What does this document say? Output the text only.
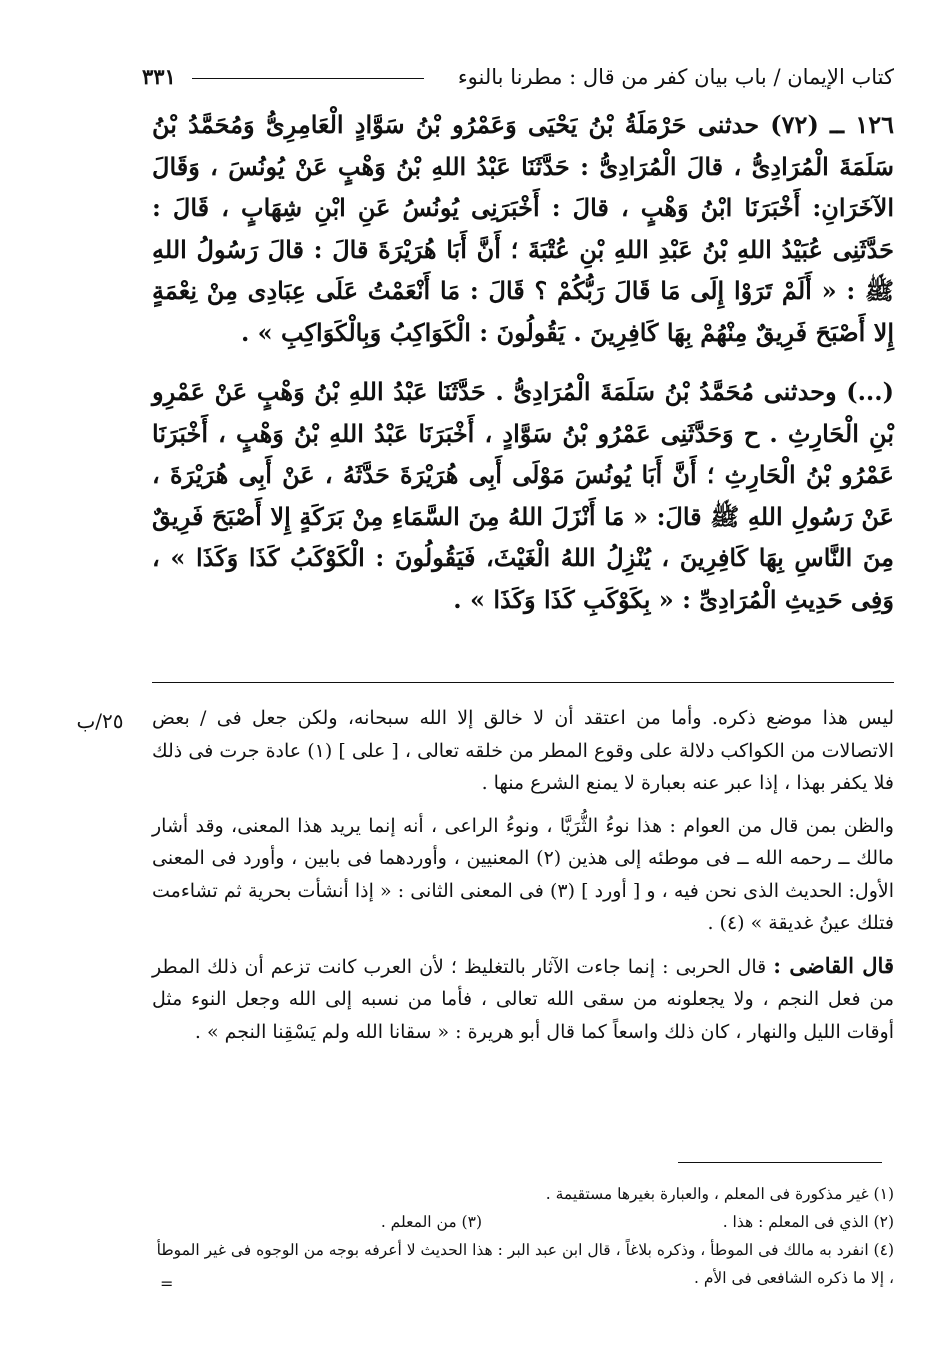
كتاب الإيمان / باب بيان كفر من قال : مطرنا بالنوء
٣٣١

١٢٦ ــ (٧٢) حدثنى حَرْمَلَةُ بْنُ يَحْيَى وَعَمْرُو بْنُ سَوَّادٍ الْعَامِرِىُّ وَمُحَمَّدُ بْنُ سَلَمَةَ الْمُرَادِىُّ ، قالَ الْمُرَادِىُّ : حَدَّثَنَا عَبْدُ اللهِ بْنُ وَهْبٍ عَنْ يُونُسَ ، وَقَالَ الآخَرَانِ: أَخْبَرَنَا ابْنُ وَهْبٍ ، قالَ : أَخْبَرَنِى يُونُسُ عَنِ ابْنِ شِهَابٍ ، قَالَ : حَدَّثَنِى عُبَيْدُ اللهِ بْنُ عَبْدِ اللهِ بْنِ عُتْبَةَ ؛ أَنَّ أَبَا هُرَيْرَةَ قالَ : قالَ رَسُولُ اللهِ ﷺ : « أَلَمْ تَرَوْا إِلَى مَا قَالَ رَبُّكُمْ ؟ قَالَ : مَا أَنْعَمْتُ عَلَى عِبَادِى مِنْ نِعْمَةٍ إِلا أَصْبَحَ فَرِيقٌ مِنْهُمْ بِهَا كَافِرِينَ . يَقُولُونَ : الْكَوَاكِبُ وَبِالْكَوَاكِبِ » .

(...) وحدثنى مُحَمَّدُ بْنُ سَلَمَةَ الْمُرَادِىُّ . حَدَّثَنَا عَبْدُ اللهِ بْنُ وَهْبٍ عَنْ عَمْرِو بْنِ الْحَارِثِ . ح وَحَدَّثَنِى عَمْرُو بْنُ سَوَّادٍ ، أَخْبَرَنَا عَبْدُ اللهِ بْنُ وَهْبٍ ، أَخْبَرَنَا عَمْرُو بْنُ الْحَارِثِ ؛ أَنَّ أَبَا يُونُسَ مَوْلَى أَبِى هُرَيْرَةَ حَدَّثَهُ ، عَنْ أَبِى هُرَيْرَةَ ، عَنْ رَسُولِ اللهِ ﷺ قالَ: « مَا أَنْزَلَ اللهُ مِنَ السَّمَاءِ مِنْ بَرَكَةٍ إِلا أَصْبَحَ فَرِيقٌ مِنَ النَّاسِ بِهَا كَافِرِينَ ، يُنْزِلُ اللهُ الْغَيْثَ، فَيَقُولُونَ : الْكَوْكَبُ كَذَا وَكَذَا » ، وَفِى حَدِيثِ الْمُرَادِىِّ : « بِكَوْكَبِ كَذَا وَكَذَا » .

٢٥/ب	ليس هذا موضع ذكره. وأما من اعتقد أن لا خالق إلا الله سبحانه، ولكن جعل فى / بعض الاتصالات من الكواكب دلالة على وقوع المطر من خلقه تعالى ، [ على ] (١) عادة جرت فى ذلك فلا يكفر بهذا ، إذا عبر عنه بعبارة لا يمنع الشرع منها .

والظن بمن قال من العوام : هذا نوءُ الثُّرَيَّا ، ونوءُ الراعى ، أنه إنما يريد هذا المعنى، وقد أشار مالك ــ رحمه الله ــ فى موطئه إلى هذين (٢) المعنيين ، وأوردهما فى بابين ، وأورد فى المعنى الأول: الحديث الذى نحن فيه ، و [ أورد ] (٣) فى المعنى الثانى : « إذا أنشأت بحرية ثم تشاءمت فتلك عينُ غديقة » (٤) .

قال القاضى : قال الحربى : إنما جاءت الآثار بالتغليظ ؛ لأن العرب كانت تزعم أن ذلك المطر من فعل النجم ، ولا يجعلونه من سقى الله تعالى ، فأما من نسبه إلى الله وجعل النوء مثل أوقات الليل والنهار ، كان ذلك واسعاً كما قال أبو هريرة : « سقانا الله ولم يَسْقِنا النجم » .

(١) غير مذكورة فى المعلم ، والعبارة بغيرها مستقيمة .

(٢) الذي فى المعلم : هذا .
(٣) من المعلم .

(٤) انفرد به مالك فى الموطأ ، وذكره بلاغاً ، قال ابن عبد البر : هذا الحديث لا أعرفه بوجه من الوجوه فى غير الموطأ ، إلا ما ذكره الشافعى فى الأم .

=
